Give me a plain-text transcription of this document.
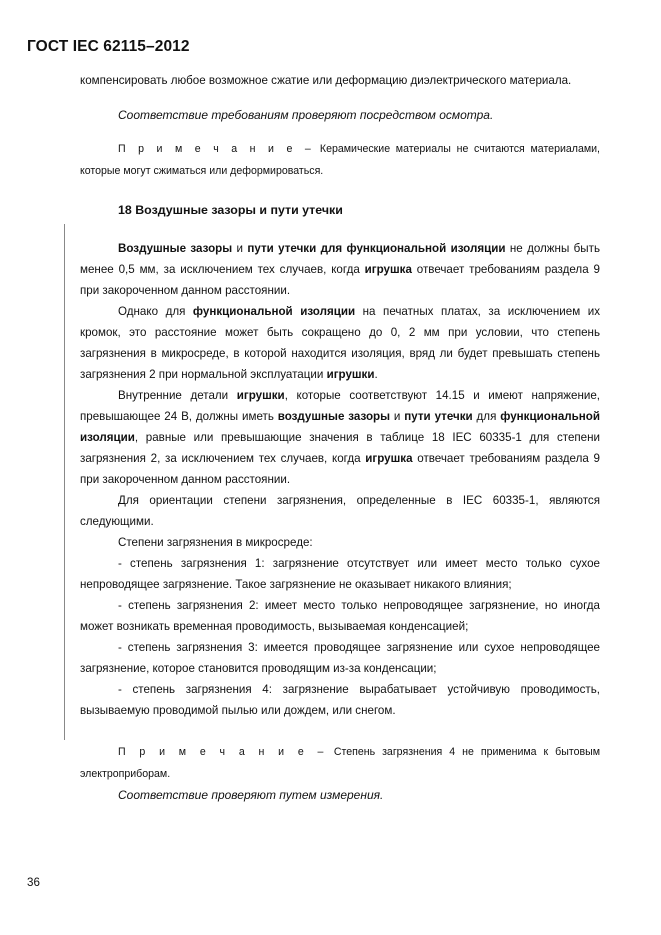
ГОСТ IEC 62115–2012

компенсировать любое возможное сжатие или деформацию диэлектрического материала.

Соответствие требованиям проверяют посредством осмотра.

П р и м е ч а н и е – Керамические материалы не считаются материалами, которые могут сжиматься или деформироваться.

18 Воздушные зазоры и пути утечки

Воздушные зазоры и пути утечки для функциональной изоляции не должны быть менее 0,5 мм, за исключением тех случаев, когда игрушка отвечает требованиям раздела 9 при закороченном данном расстоянии.

Однако для функциональной изоляции на печатных платах, за исключением их кромок, это расстояние может быть сокращено до 0, 2 мм при условии, что степень загрязнения в микросреде, в которой находится изоляция, вряд ли будет превышать степень загрязнения 2 при нормальной эксплуатации игрушки.

Внутренние детали игрушки, которые соответствуют 14.15 и имеют напряжение, превышающее 24 В, должны иметь воздушные зазоры и пути утечки для функциональной изоляции, равные или превышающие значения в таблице 18 IEC 60335-1 для степени загрязнения 2, за исключением тех случаев, когда игрушка отвечает требованиям раздела 9 при закороченном данном расстоянии.

Для ориентации степени загрязнения, определенные в IEC 60335-1, являются следующими.

Степени загрязнения в микросреде:

- степень загрязнения 1: загрязнение отсутствует или имеет место только сухое непроводящее загрязнение. Такое загрязнение не оказывает никакого влияния;

- степень загрязнения 2: имеет место только непроводящее загрязнение, но иногда может возникать временная проводимость, вызываемая конденсацией;

- степень загрязнения 3: имеется проводящее загрязнение или сухое непроводящее загрязнение, которое становится проводящим из-за конденсации;

- степень загрязнения 4: загрязнение вырабатывает устойчивую проводимость, вызываемую проводимой пылью или дождем, или снегом.

П р и м е ч а н и е – Степень загрязнения 4 не применима к бытовым электроприборам.

Соответствие проверяют путем измерения.

36
